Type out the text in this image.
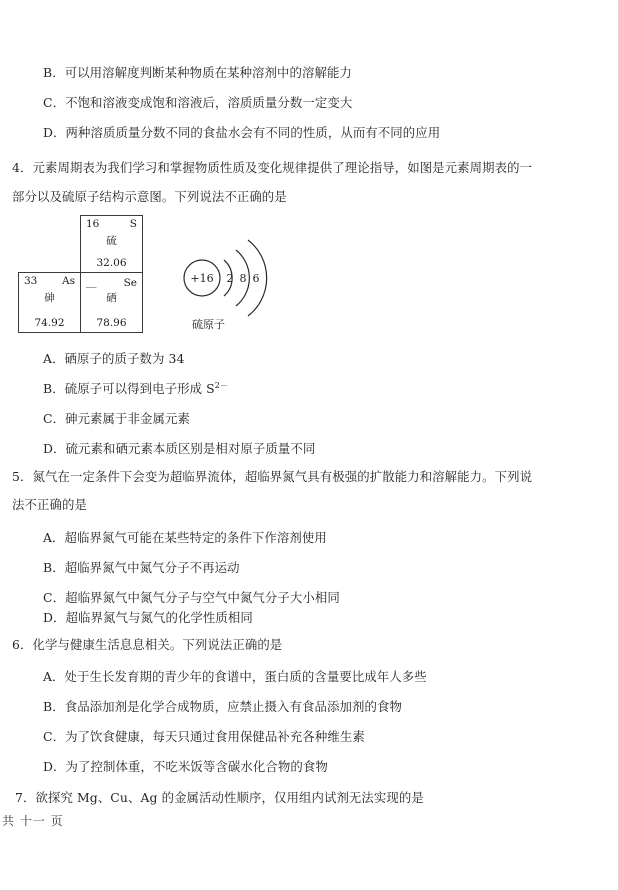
B．可以用溶解度判断某种物质在某种溶剂中的溶解能力
C．不饱和溶液变成饱和溶液后，溶质质量分数一定变大
D．两种溶质质量分数不同的食盐水会有不同的性质，从而有不同的应用
4．元素周期表为我们学习和掌握物质性质及变化规律提供了理论指导，如图是元素周期表的一
部分以及硫原子结构示意图。下列说法不正确的是
16	S
硫
32.06
33 As
砷
74.92
＿	Se
硒
78.96
+16 2 8 6
硫原子
A．硒原子的质子数为 34
B．硫原子可以得到电子形成 $S^{2-}$
C．砷元素属于非金属元素
D．硫元素和硒元素本质区别是相对原子质量不同
5．氮气在一定条件下会变为超临界流体，超临界氮气具有极强的扩散能力和溶解能力。下列说
法不正确的是
A．超临界氮气可能在某些特定的条件下作溶剂使用
B．超临界氮气中氮气分子不再运动
C．超临界氮气中氮气分子与空气中氮气分子大小相同
D．超临界氮气与氮气的化学性质相同
6．化学与健康生活息息相关。下列说法正确的是
A．处于生长发育期的青少年的食谱中，蛋白质的含量要比成年人多些
B．食品添加剂是化学合成物质，应禁止摄入有食品添加剂的食物
C．为了饮食健康，每天只通过食用保健品补充各种维生素
D．为了控制体重，不吃米饭等含碳水化合物的食物
7．欲探究 Mg、Cu、Ag 的金属活动性顺序，仅用组内试剂无法实现的是
共 十一 页
